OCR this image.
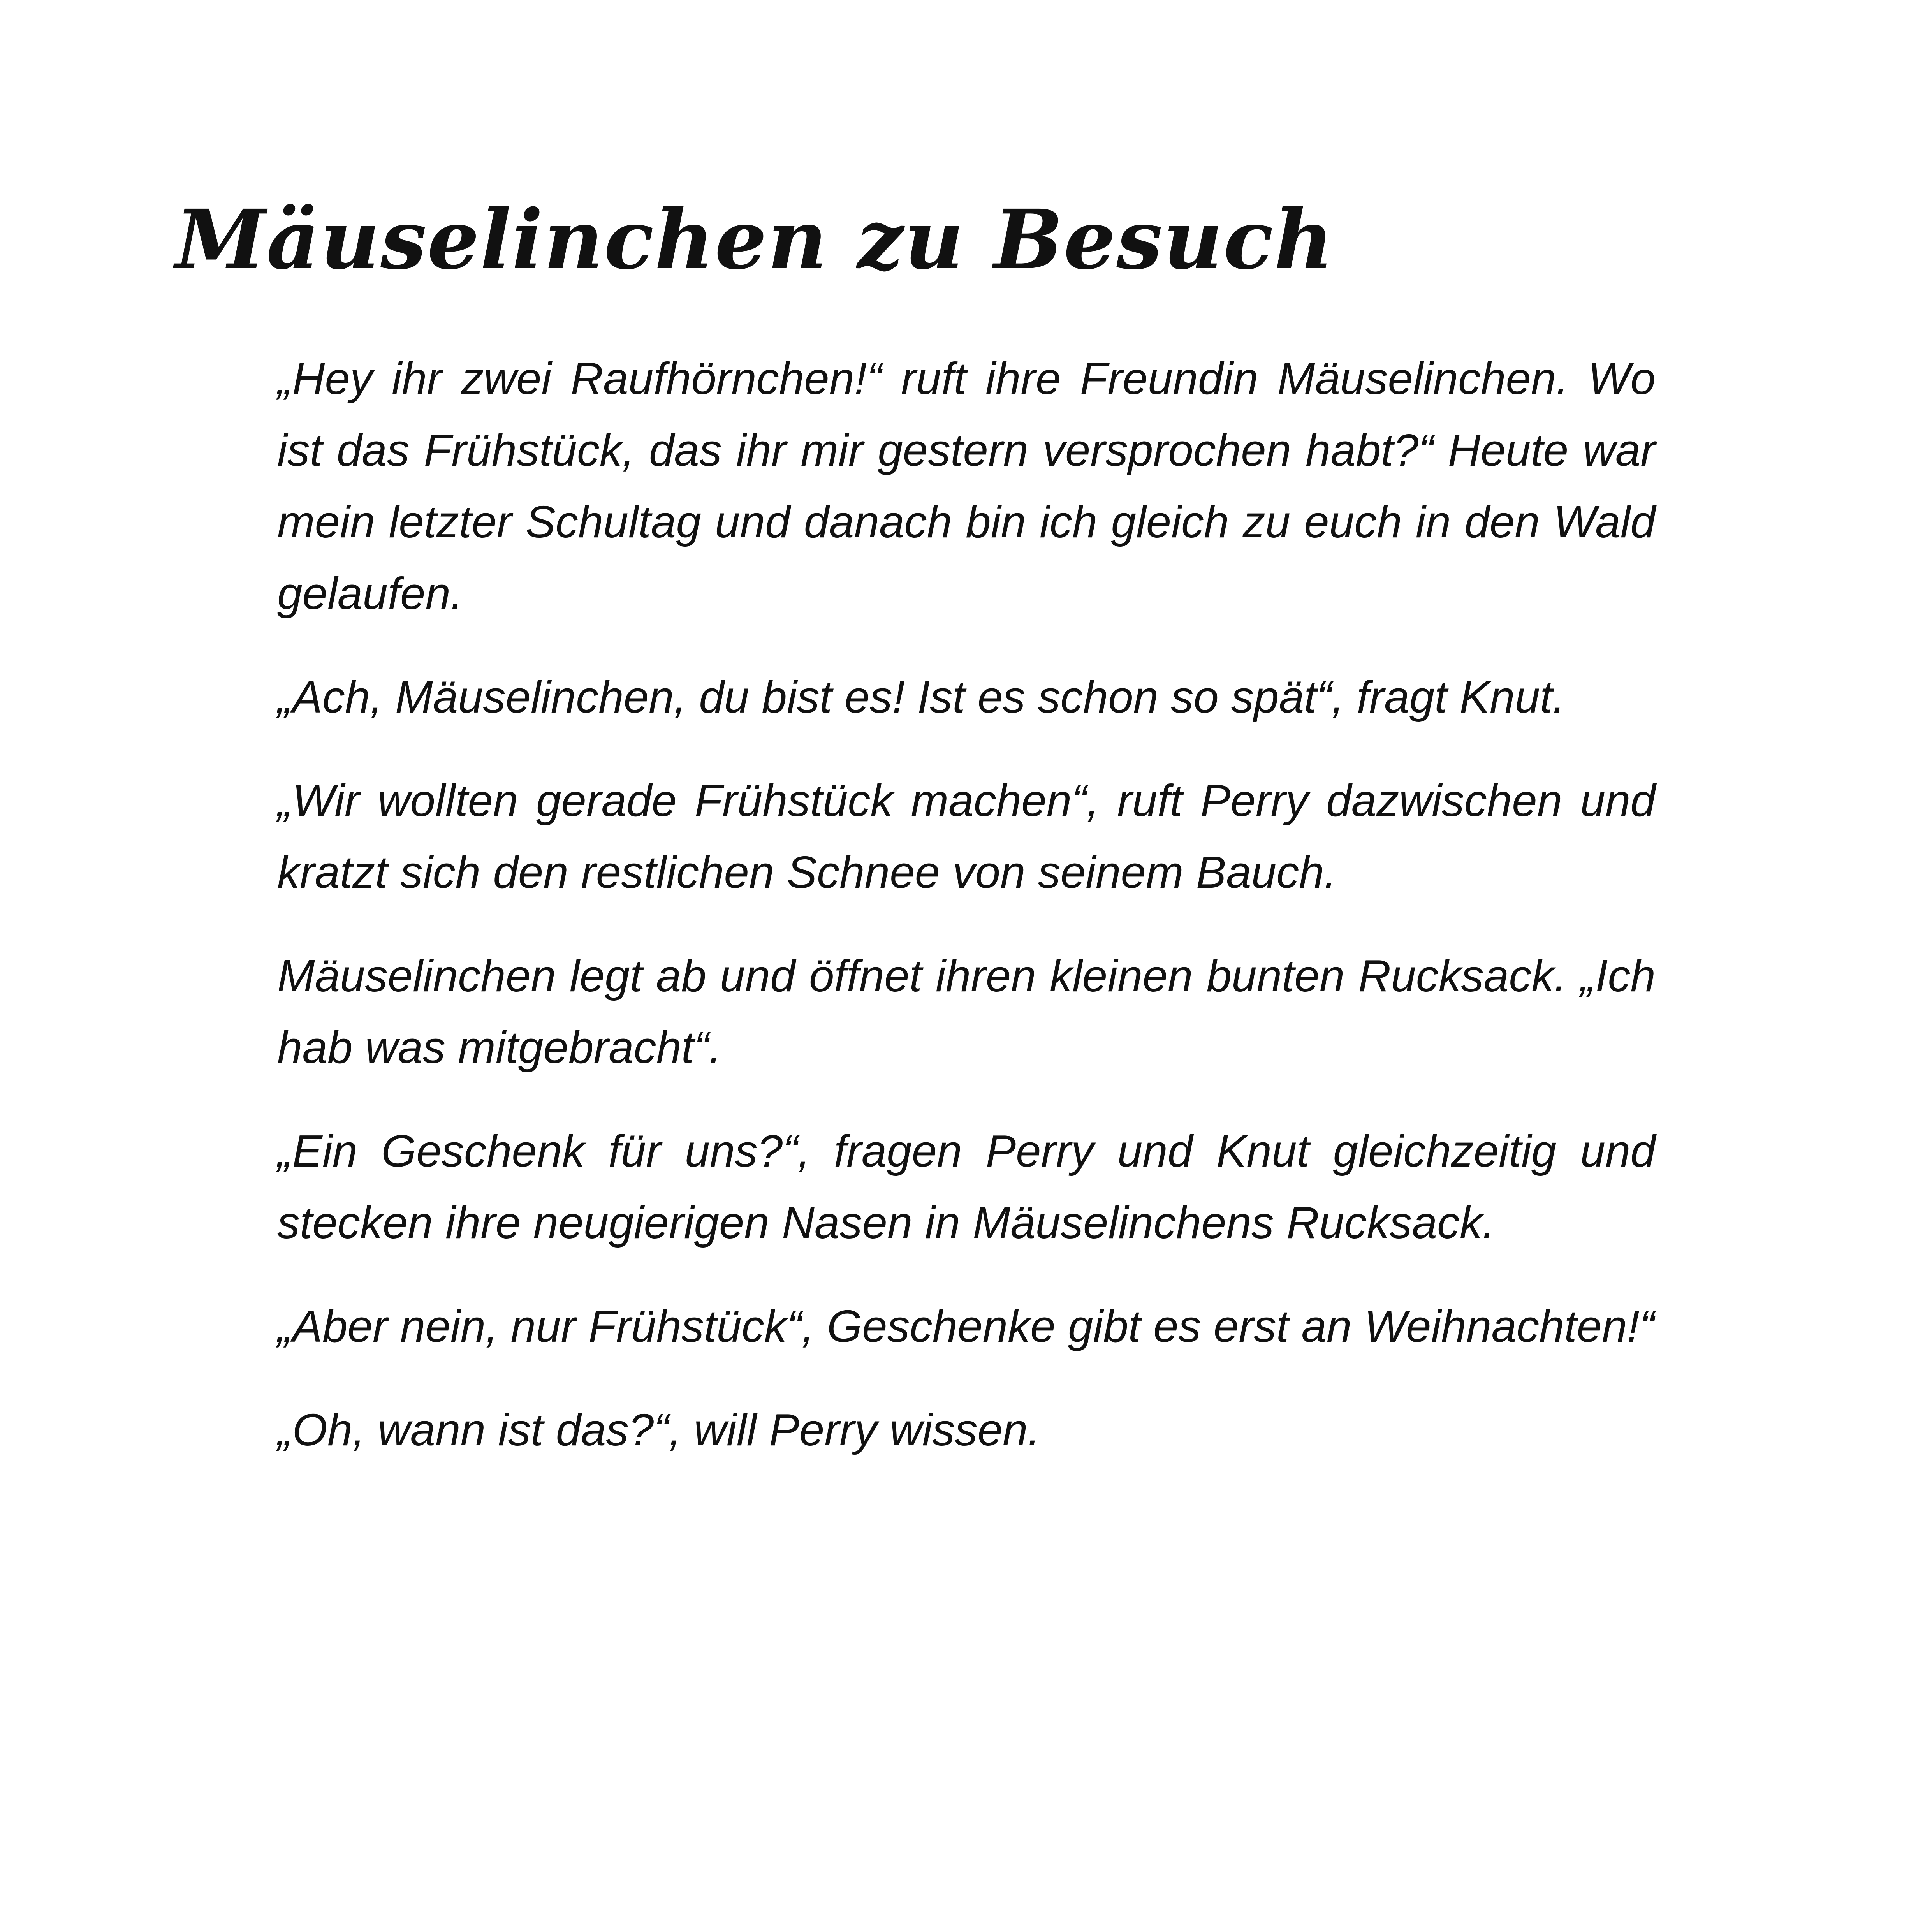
Mäuselinchen zu Besuch

„Hey ihr zwei Raufhörnchen!“ ruft ihre Freundin Mäuselinchen. Wo ist das Frühstück, das ihr mir gestern versprochen habt?“ Heute war mein letzter Schultag und danach bin ich gleich zu euch in den Wald gelaufen.

„Ach, Mäuselinchen, du bist es! Ist es schon so spät“, fragt Knut.

„Wir wollten gerade Frühstück machen“, ruft Perry dazwischen und kratzt sich den restlichen Schnee von seinem Bauch.

Mäuselinchen legt ab und öffnet ihren kleinen bunten Rucksack. „Ich hab was mitgebracht“.

„Ein Geschenk für uns?“, fragen Perry und Knut gleichzeitig und stecken ihre neugierigen Nasen in Mäuselinchens Rucksack.

„Aber nein, nur Frühstück“, Geschenke gibt es erst an Weihnachten!“

„Oh, wann ist das?“, will Perry wissen.
